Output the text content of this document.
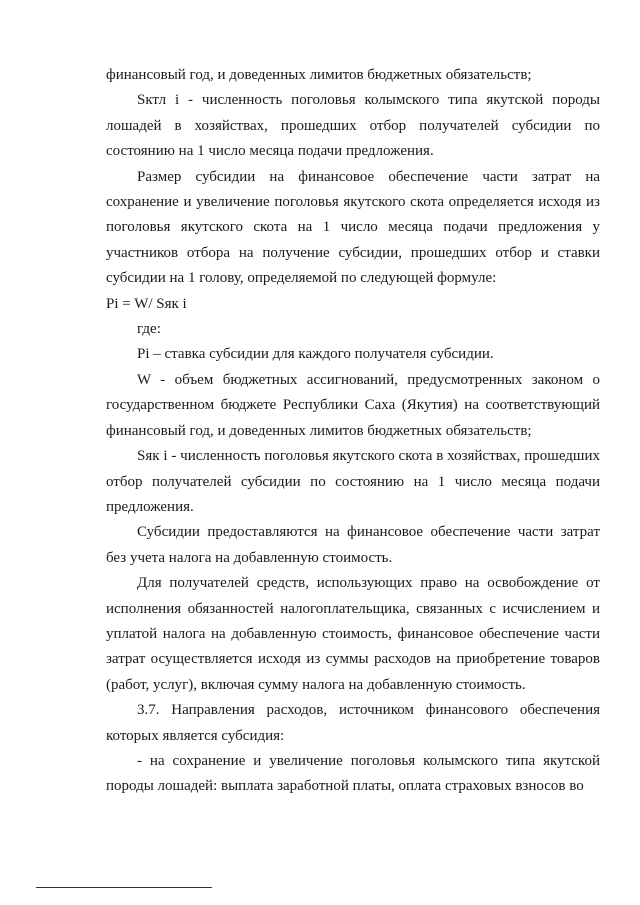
финансовый год, и доведенных лимитов бюджетных обязательств;

Sктл i - численность поголовья колымского типа якутской породы лошадей в хозяйствах, прошедших отбор получателей субсидии по состоянию на 1 число месяца подачи предложения.

Размер субсидии на финансовое обеспечение части затрат на сохранение и увеличение поголовья якутского скота определяется исходя из поголовья якутского скота на 1 число месяца подачи предложения у участников отбора на получение субсидии, прошедших отбор и ставки субсидии на 1 голову, определяемой по следующей формуле:

Pi = W/ Sяк i

где:

Pi – ставка субсидии для каждого получателя субсидии.

W - объем бюджетных ассигнований, предусмотренных законом о государственном бюджете Республики Саха (Якутия) на соответствующий финансовый год, и доведенных лимитов бюджетных обязательств;

Sяк i - численность поголовья якутского скота в хозяйствах, прошедших отбор получателей субсидии по состоянию на 1 число месяца подачи предложения.

Субсидии предоставляются на финансовое обеспечение части затрат без учета налога на добавленную стоимость.

Для получателей средств, использующих право на освобождение от исполнения обязанностей налогоплательщика, связанных с исчислением и уплатой налога на добавленную стоимость, финансовое обеспечение части затрат осуществляется исходя из суммы расходов на приобретение товаров (работ, услуг), включая сумму налога на добавленную стоимость.

3.7. Направления расходов, источником финансового обеспечения которых является субсидия:

- на сохранение и увеличение поголовья колымского типа якутской породы лошадей: выплата заработной платы, оплата страховых взносов во
